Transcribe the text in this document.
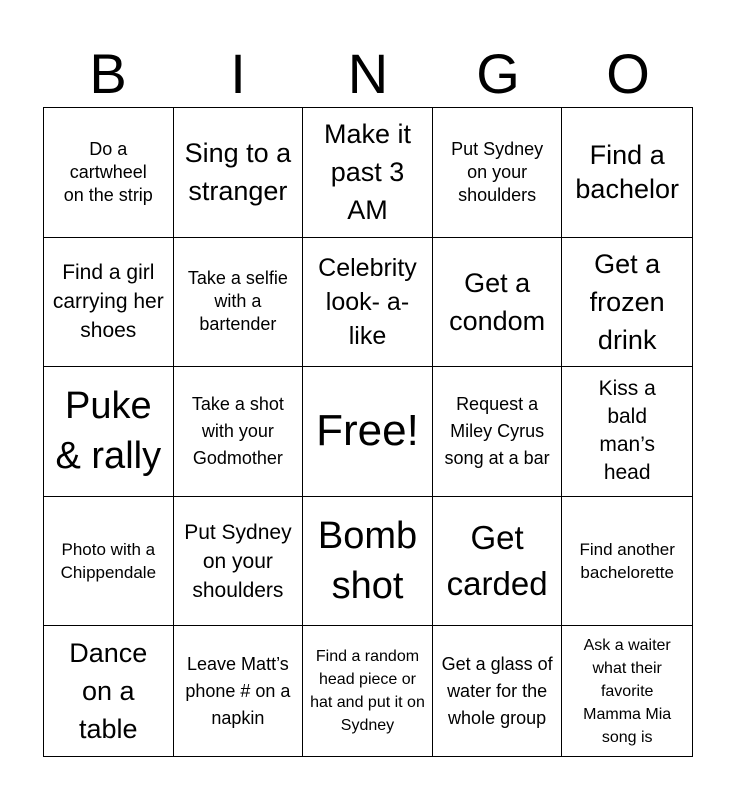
B	I	N	G	O
Do a cartwheel on the strip
Sing to a stranger
Make it past 3 AM
Put Sydney on your shoulders
Find a bachelor
Find a girl carrying her shoes
Take a selfie with a bartender
Celebrity look- a-like
Get a condom
Get a frozen drink
Puke & rally
Take a shot with your Godmother
Free!
Request a Miley Cyrus song at a bar
Kiss a bald man’s head
Photo with a Chippendale
Put Sydney on your shoulders
Bomb shot
Get carded
Find another bachelorette
Dance on a table
Leave Matt’s phone # on a napkin
Find a random head piece or hat and put it on Sydney
Get a glass of water for the whole group
Ask a waiter what their favorite Mamma Mia song is
